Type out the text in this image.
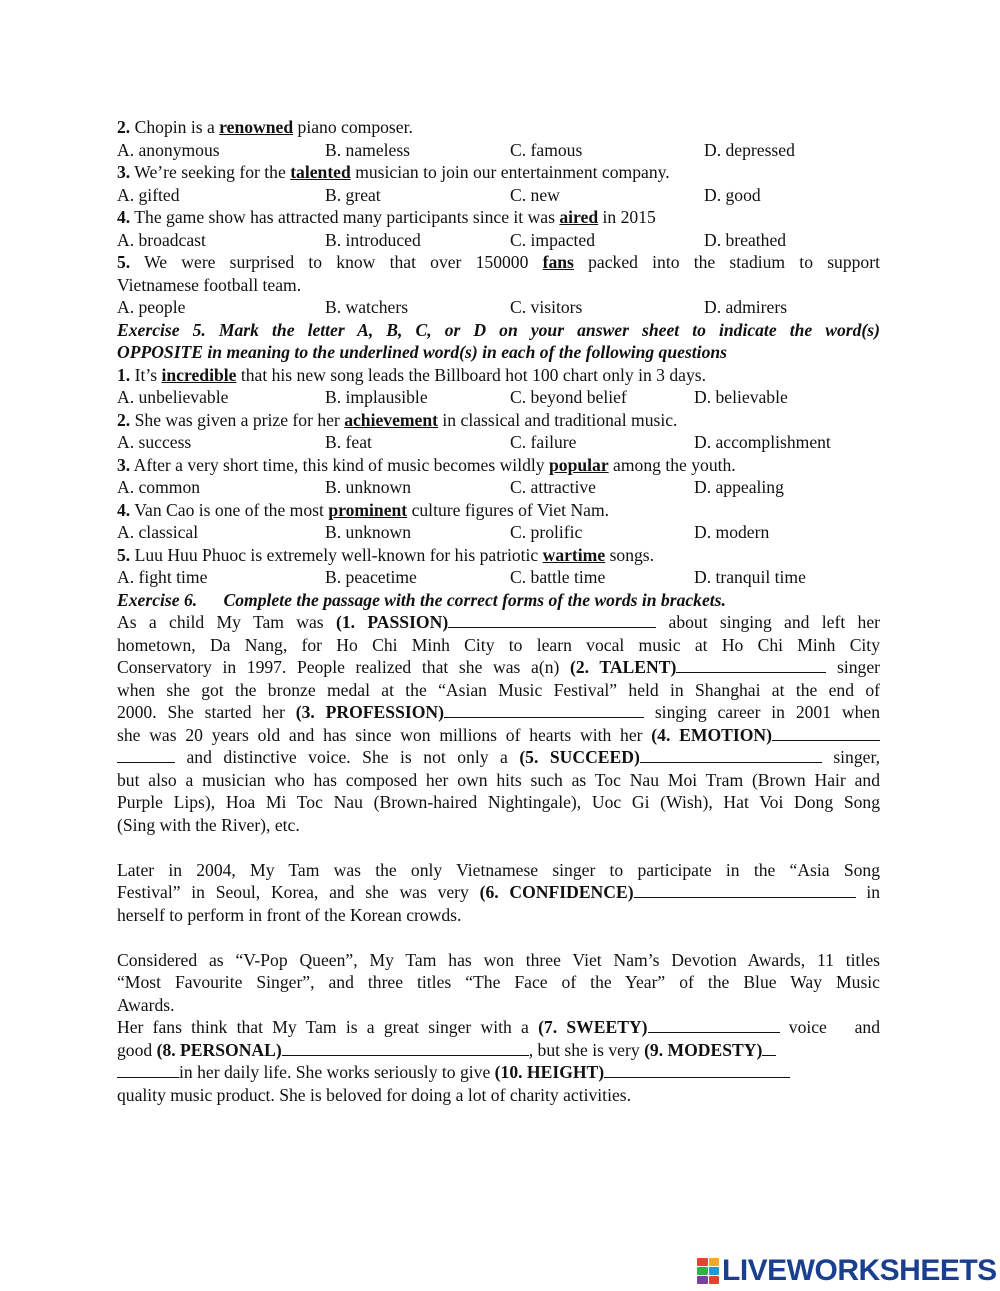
2. Chopin is a renowned piano composer.
A. anonymous	B. nameless	C. famous	D. depressed
3. We’re seeking for the talented musician to join our entertainment company.
A. gifted	B. great	C. new	D. good
4. The game show has attracted many participants since it was aired in 2015
A. broadcast	B. introduced	C. impacted	D. breathed
5. We were surprised to know that over 150000 fans packed into the stadium to support
Vietnamese football team.
A. people	B. watchers	C. visitors	D. admirers
Exercise 5. Mark the letter A, B, C, or D on your answer sheet to indicate the word(s)
OPPOSITE in meaning to the underlined word(s) in each of the following questions
1. It’s incredible that his new song leads the Billboard hot 100 chart only in 3 days.
A. unbelievable	B. implausible	C. beyond belief	D. believable
2. She was given a prize for her achievement in classical and traditional music.
A. success	B. feat	C. failure	D. accomplishment
3. After a very short time, this kind of music becomes wildly popular among the youth.
A. common	B. unknown	C. attractive	D. appealing
4. Van Cao is one of the most prominent culture figures of Viet Nam.
A. classical	B. unknown	C. prolific	D. modern
5. Luu Huu Phuoc is extremely well-known for his patriotic wartime songs.
A. fight time	B. peacetime	C. battle time	D. tranquil time
Exercise 6.      Complete the passage with the correct forms of the words in brackets.
As a child My Tam was (1. PASSION)	about singing and left her
hometown, Da Nang, for Ho Chi Minh City to learn vocal music at Ho Chi Minh City
Conservatory in 1997. People realized that she was a(n) (2. TALENT)	singer
when she got the bronze medal at the “Asian Music Festival” held in Shanghai at the end of
2000. She started her (3. PROFESSION)	singing career in 2001 when
she was 20 years old and has since won millions of hearts with her (4. EMOTION)
and distinctive voice. She is not only a (5. SUCCEED)	singer,
but also a musician who has composed her own hits such as Toc Nau Moi Tram (Brown Hair and
Purple Lips), Hoa Mi Toc Nau (Brown-haired Nightingale), Uoc Gi (Wish), Hat Voi Dong Song
(Sing with the River), etc.
Later in 2004, My Tam was the only Vietnamese singer to participate in the “Asia Song
Festival” in Seoul, Korea, and she was very (6. CONFIDENCE)	in
herself to perform in front of the Korean crowds.
Considered as “V-Pop Queen”, My Tam has won three Viet Nam’s Devotion Awards, 11 titles
“Most Favourite Singer”, and three titles “The Face of the Year” of the Blue Way Music
Awards.
Her fans think that My Tam is a great singer with a (7. SWEETY)	voice   and
good (8. PERSONAL)	, but she is very (9. MODESTY)
in her daily life. She works seriously to give (10. HEIGHT)
quality music product. She is beloved for doing a lot of charity activities.
LIVEWORKSHEETS
